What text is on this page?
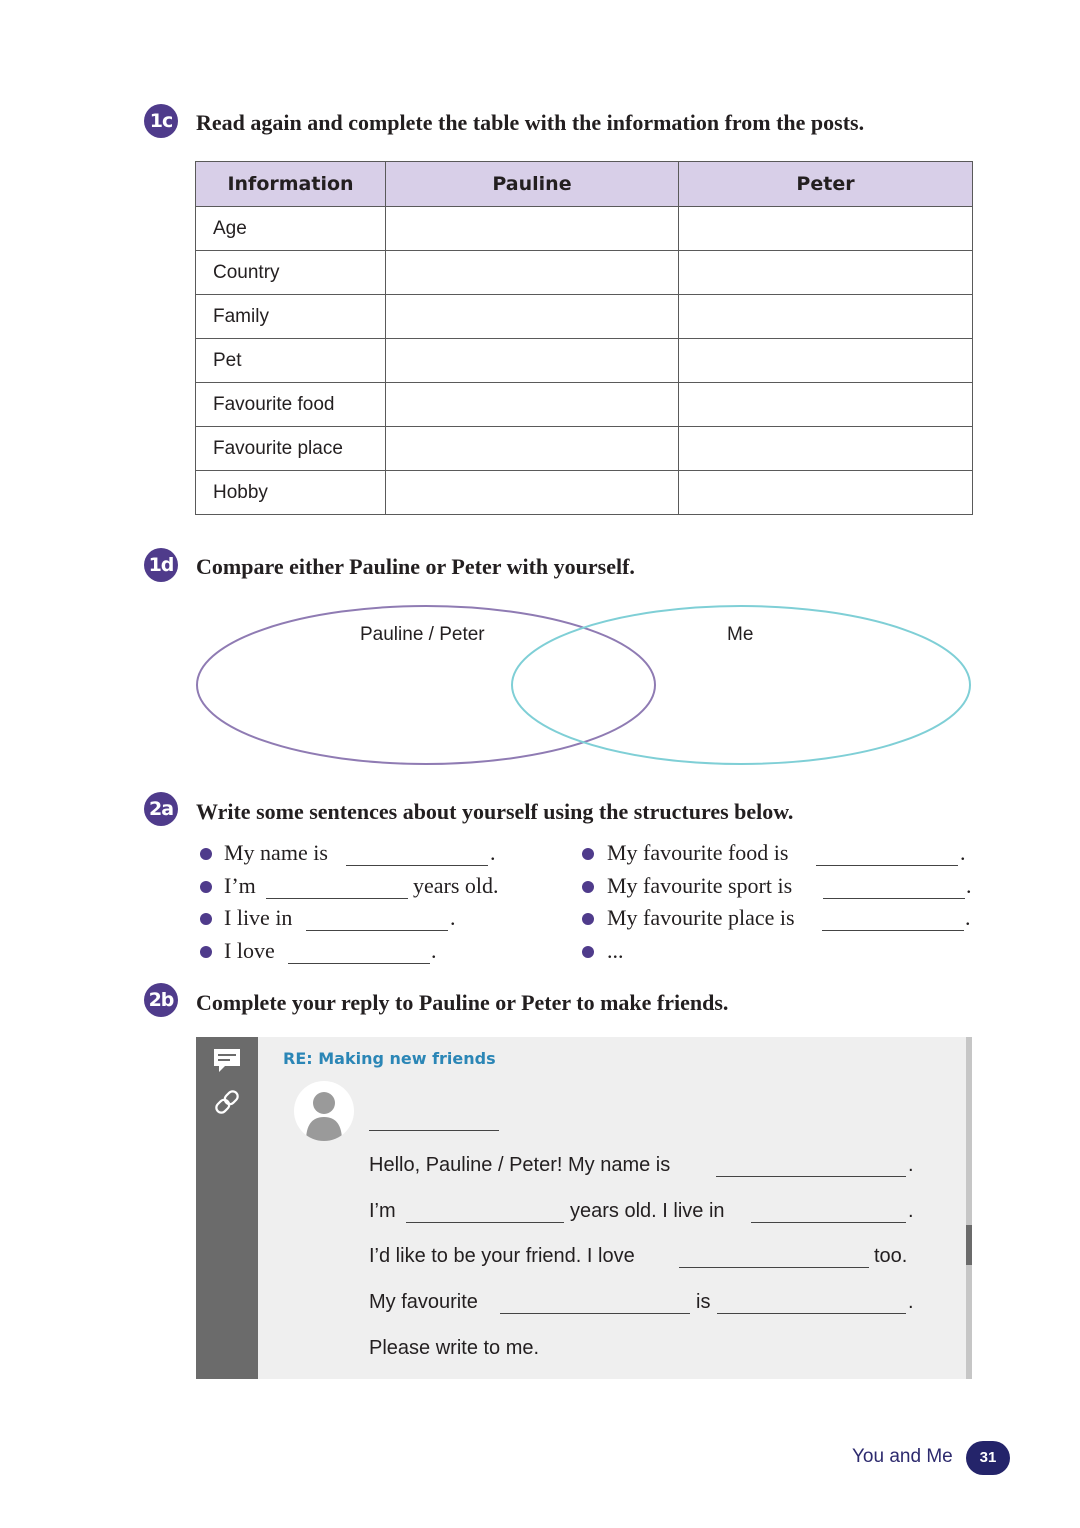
1c Read again and complete the table with the information from the posts.
Information	Pauline	Peter
Age		
Country		
Family		
Pet		
Favourite food		
Favourite place		
Hobby		
1d Compare either Pauline or Peter with yourself.
Pauline / Peter	Me
2a Write some sentences about yourself using the structures below.
My name is	.
I’m	years old.
I live in	.
I love	.
My favourite food is	.
My favourite sport is	.
My favourite place is	.
...
2b Complete your reply to Pauline or Peter to make friends.
RE: Making new friends
Hello, Pauline / Peter! My name is	.
I’m	years old. I live in	.
I’d like to be your friend. I love	too.
My favourite	is	.
Please write to me.
You and Me	31
